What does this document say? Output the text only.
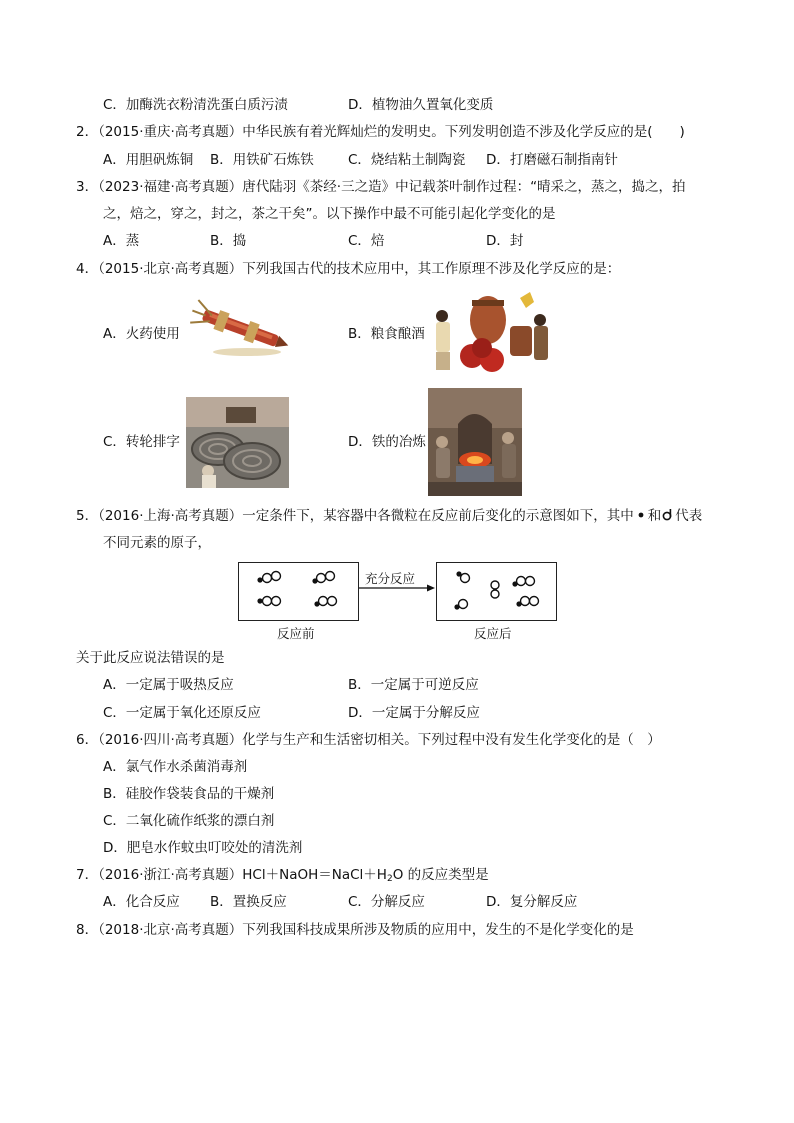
C．加酶洗衣粉清洗蛋白质污渍	D．植物油久置氧化变质
2．（2015·重庆·高考真题）中华民族有着光辉灿烂的发明史。下列发明创造不涉及化学反应的是(　　)
A．用胆矾炼铜 B．用铁矿石炼铁	C．烧结粘土制陶瓷 D．打磨磁石制指南针
3．（2023·福建·高考真题）唐代陆羽《茶经·三之造》中记载茶叶制作过程：“晴采之，蒸之，捣之，拍
之，焙之，穿之，封之，茶之干矣”。以下操作中最不可能引起化学变化的是
A．蒸	B．捣	C．焙	D．封
4．（2015·北京·高考真题）下列我国古代的技术应用中，其工作原理不涉及化学反应的是：
A．火药使用	B．粮食酿酒
C．转轮排字	D．铁的冶炼
5．（2016·上海·高考真题）一定条件下，某容器中各微粒在反应前后变化的示意图如下，其中 和 代表
不同元素的原子，
充分反应
反应前	反应后
关于此反应说法错误的是
A．一定属于吸热反应	B．一定属于可逆反应
C．一定属于氧化还原反应	D．一定属于分解反应
6．（2016·四川·高考真题）化学与生产和生活密切相关。下列过程中没有发生化学变化的是（　）
A．氯气作水杀菌消毒剂
B．硅胶作袋装食品的干燥剂
C．二氧化硫作纸浆的漂白剂
D．肥皂水作蚊虫叮咬处的清洗剂
7．（2016·浙江·高考真题）$HCl+NaOH=NaCl+H_2O$ 的反应类型是
A．化合反应 B．置换反应	C．分解反应	D．复分解反应
8．（2018·北京·高考真题）下列我国科技成果所涉及物质的应用中，发生的不是化学变化的是
